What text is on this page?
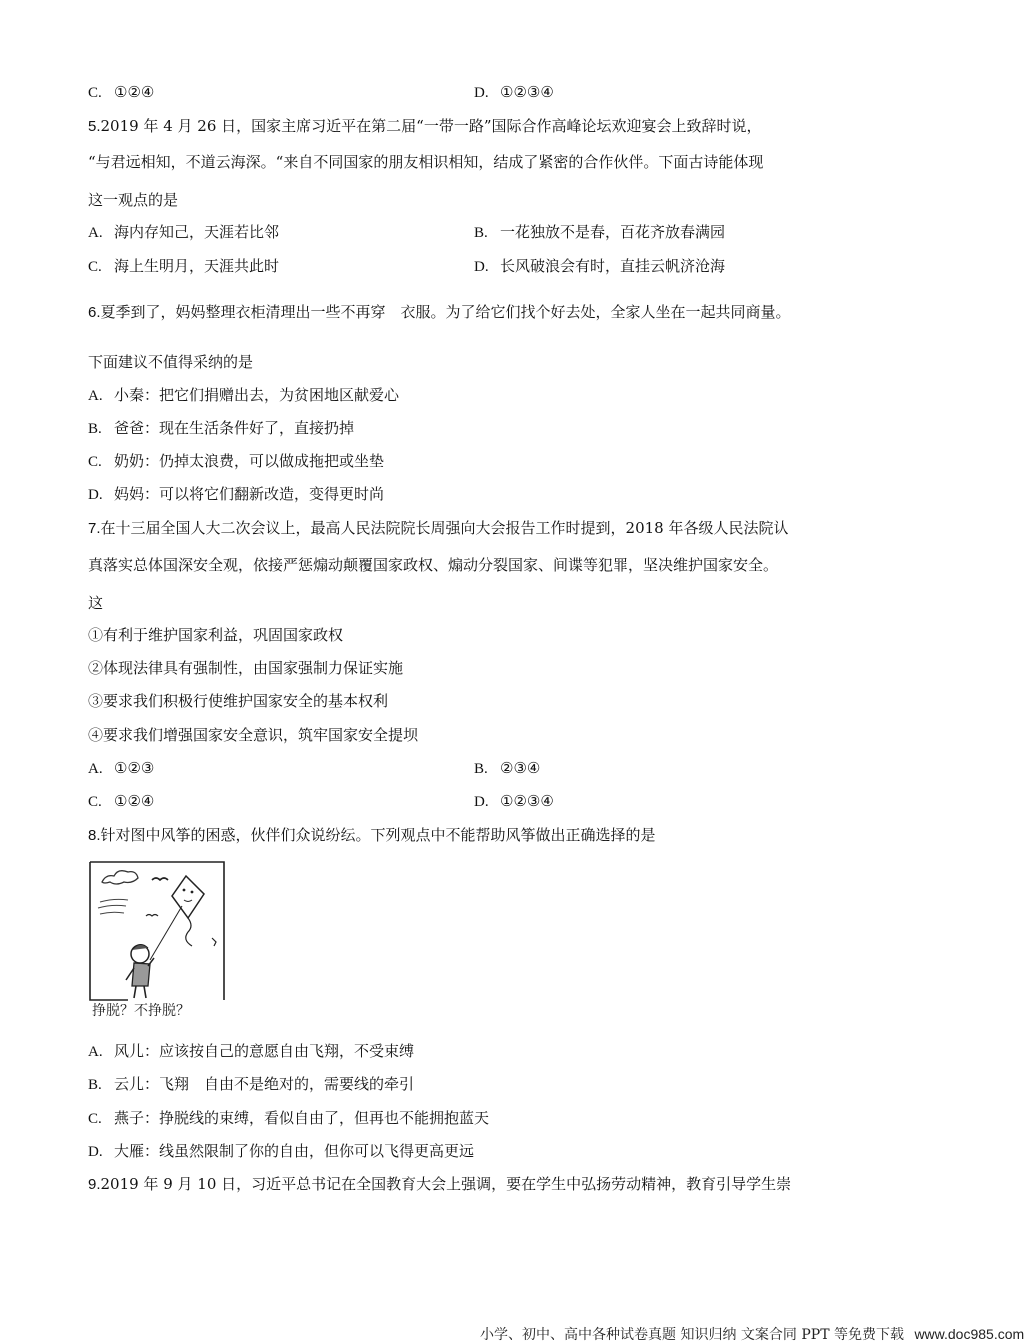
C. ①②④	D. ①②③④
5.2019 年 4 月 26 日，国家主席习近平在第二届“一带一路”国际合作高峰论坛欢迎宴会上致辞时说，
“与君远相知，不道云海深。“来自不同国家的朋友相识相知，结成了紧密的合作伙伴。下面古诗能体现
这一观点的是
A. 海内存知己，天涯若比邻	B. 一花独放不是春，百花齐放春满园
C. 海上生明月，天涯共此时	D. 长风破浪会有时，直挂云帆济沧海
6.夏季到了，妈妈整理衣柜清理出一些不再穿　衣服。为了给它们找个好去处，全家人坐在一起共同商量。
下面建议不值得采纳的是
A. 小秦：把它们捐赠出去，为贫困地区献爱心
B. 爸爸：现在生活条件好了，直接扔掉
C. 奶奶：仍掉太浪费，可以做成拖把或坐垫
D. 妈妈：可以将它们翻新改造，变得更时尚
7.在十三届全国人大二次会议上，最高人民法院院长周强向大会报告工作时提到，2018 年各级人民法院认
真落实总体国深安全观，依接严惩煽动颠覆国家政权、煽动分裂国家、间谍等犯罪，坚决维护国家安全。
这
①有利于维护国家利益，巩固国家政权
②体现法律具有强制性，由国家强制力保证实施
③要求我们积极行使维护国家安全的基本权利
④要求我们增强国家安全意识，筑牢国家安全提坝
A. ①②③	B. ②③④
C. ①②④	D. ①②③④
8.针对图中风筝的困惑，伙伴们众说纷纭。下列观点中不能帮助风筝做出正确选择的是
挣脱？不挣脱？
A. 风儿：应该按自己的意愿自由飞翔，不受束缚
B. 云儿：飞翔　自由不是绝对的，需要线的牵引
C. 燕子：挣脱线的束缚，看似自由了，但再也不能拥抱蓝天
D. 大雁：线虽然限制了你的自由，但你可以飞得更高更远
9.2019 年 9 月 10 日，习近平总书记在全国教育大会上强调，要在学生中弘扬劳动精神，教育引导学生崇
小学、初中、高中各种试卷真题 知识归纳 文案合同 PPT 等免费下载 www.doc985.com
